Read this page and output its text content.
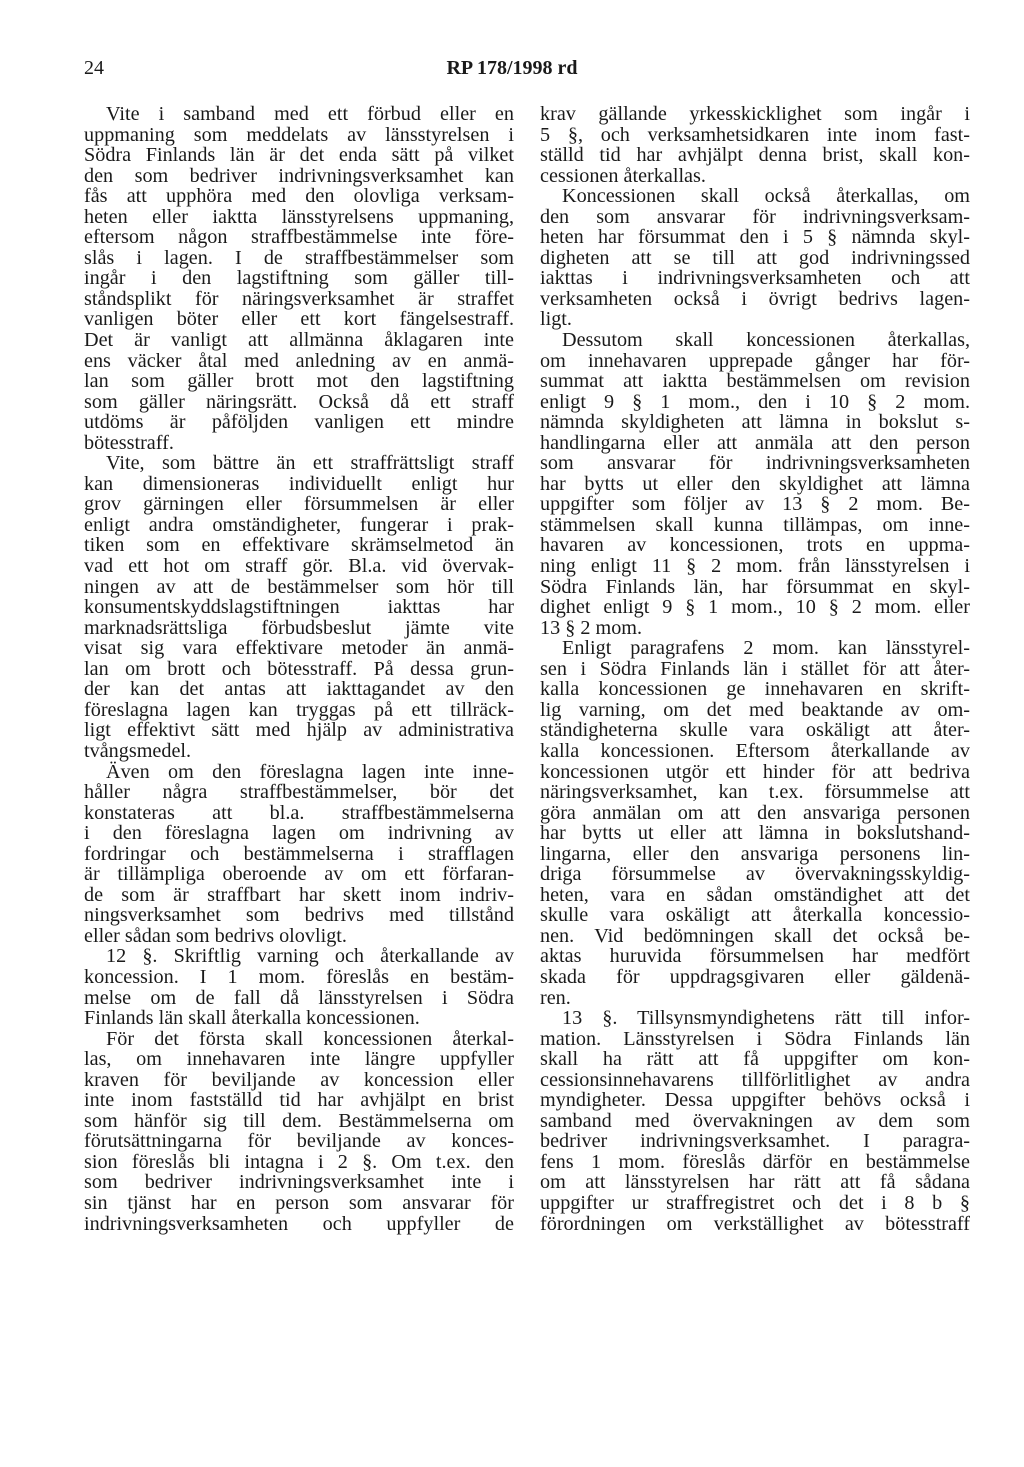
24	RP 178/1998 rd
Vite i samband med ett förbud eller en
uppmaning som meddelats av länsstyrelsen i
Södra Finlands län är det enda sätt på vilket
den som bedriver indrivningsverksamhet kan
fås att upphöra med den olovliga verksam-
heten eller iaktta länsstyrelsens uppmaning,
eftersom någon straffbestämmelse inte före-
slås i lagen. I de straffbestämmelser som
ingår i den lagstiftning som gäller till-
ståndsplikt för näringsverksamhet är straffet
vanligen böter eller ett kort fängelsestraff.
Det är vanligt att allmänna åklagaren inte
ens väcker åtal med anledning av en anmä-
lan som gäller brott mot den lagstiftning
som gäller näringsrätt. Också då ett straff
utdöms är påföljden vanligen ett mindre
bötesstraff.
Vite, som bättre än ett straffrättsligt straff
kan dimensioneras individuellt enligt hur
grov gärningen eller försummelsen är eller
enligt andra omständigheter, fungerar i prak-
tiken som en effektivare skrämselmetod än
vad ett hot om straff gör. Bl.a. vid övervak-
ningen av att de bestämmelser som hör till
konsumentskyddslagstiftningen iakttas har
marknadsrättsliga förbudsbeslut jämte vite
visat sig vara effektivare metoder än anmä-
lan om brott och bötesstraff. På dessa grun-
der kan det antas att iakttagandet av den
föreslagna lagen kan tryggas på ett tillräck-
ligt effektivt sätt med hjälp av administrativa
tvångsmedel.
Även om den föreslagna lagen inte inne-
håller några straffbestämmelser, bör det
konstateras att bl.a. straffbestämmelserna
i den föreslagna lagen om indrivning av
fordringar och bestämmelserna i strafflagen
är tillämpliga oberoende av om ett förfaran-
de som är straffbart har skett inom indriv-
ningsverksamhet som bedrivs med tillstånd
eller sådan som bedrivs olovligt.
12 §. Skriftlig varning och återkallande av
koncession. I 1 mom. föreslås en bestäm-
melse om de fall då länsstyrelsen i Södra
Finlands län skall återkalla koncessionen.
För det första skall koncessionen återkal-
las, om innehavaren inte längre uppfyller
kraven för beviljande av koncession eller
inte inom fastställd tid har avhjälpt en brist
som hänför sig till dem. Bestämmelserna om
förutsättningarna för beviljande av konces-
sion föreslås bli intagna i 2 §. Om t.ex. den
som bedriver indrivningsverksamhet inte i
sin tjänst har en person som ansvarar för
indrivningsverksamheten och uppfyller de
krav gällande yrkesskicklighet som ingår i
5 §, och verksamhetsidkaren inte inom fast-
ställd tid har avhjälpt denna brist, skall kon-
cessionen återkallas.
Koncessionen skall också återkallas, om
den som ansvarar för indrivningsverksam-
heten har försummat den i 5 § nämnda skyl-
digheten att se till att god indrivningssed
iakttas i indrivningsverksamheten och att
verksamheten också i övrigt bedrivs lagen-
ligt.
Dessutom skall koncessionen återkallas,
om innehavaren upprepade gånger har för-
summat att iaktta bestämmelsen om revision
enligt 9 § 1 mom., den i 10 § 2 mom.
nämnda skyldigheten att lämna in bokslut s-
handlingarna eller att anmäla att den person
som ansvarar för indrivningsverksamheten
har bytts ut eller den skyldighet att lämna
uppgifter som följer av 13 § 2 mom. Be-
stämmelsen skall kunna tillämpas, om inne-
havaren av koncessionen, trots en uppma-
ning enligt 11 § 2 mom. från länsstyrelsen i
Södra Finlands län, har försummat en skyl-
dighet enligt 9 § 1 mom., 10 § 2 mom. eller
13 § 2 mom.
Enligt paragrafens 2 mom. kan länsstyrel-
sen i Södra Finlands län i stället för att åter-
kalla koncessionen ge innehavaren en skrift-
lig varning, om det med beaktande av om-
ständigheterna skulle vara oskäligt att åter-
kalla koncessionen. Eftersom återkallande av
koncessionen utgör ett hinder för att bedriva
näringsverksamhet, kan t.ex. försummelse att
göra anmälan om att den ansvariga personen
har bytts ut eller att lämna in bokslutshand-
lingarna, eller den ansvariga personens lin-
driga försummelse av övervakningsskyldig-
heten, vara en sådan omständighet att det
skulle vara oskäligt att återkalla koncessio-
nen. Vid bedömningen skall det också be-
aktas huruvida försummelsen har medfört
skada för uppdragsgivaren eller gäldenä-
ren.
13 §. Tillsynsmyndighetens rätt till infor-
mation. Länsstyrelsen i Södra Finlands län
skall ha rätt att få uppgifter om kon-
cessionsinnehavarens tillförlitlighet av andra
myndigheter. Dessa uppgifter behövs också i
samband med övervakningen av dem som
bedriver indrivningsverksamhet. I paragra-
fens 1 mom. föreslås därför en bestämmelse
om att länsstyrelsen har rätt att få sådana
uppgifter ur straffregistret och det i 8 b §
förordningen om verkställighet av bötesstraff
